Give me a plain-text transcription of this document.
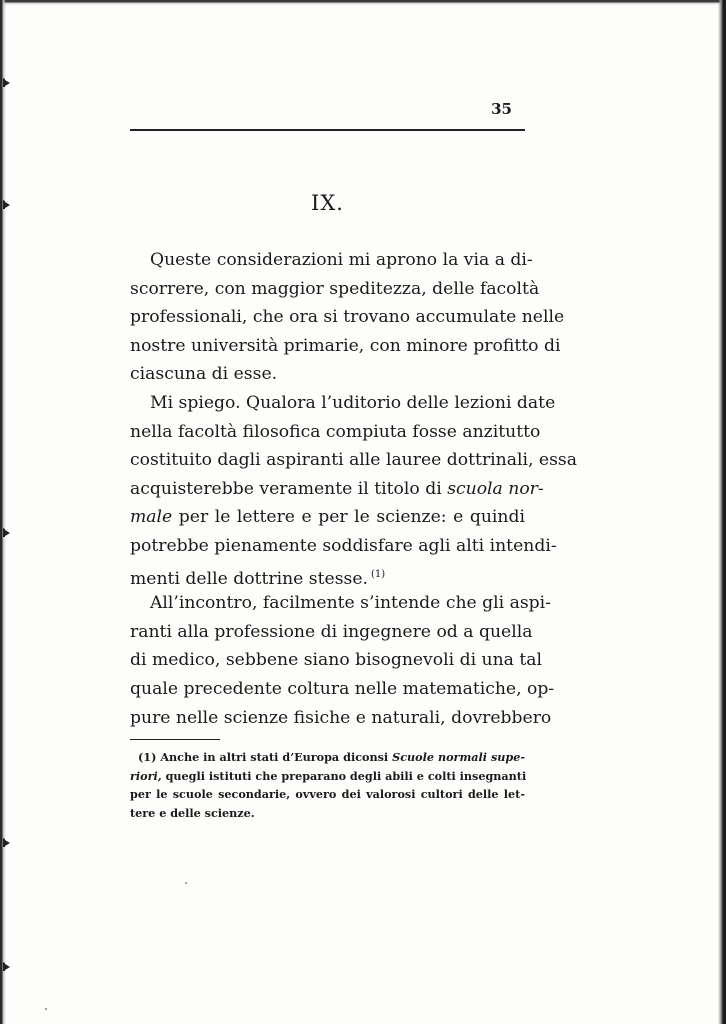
35
IX.
Queste considerazioni mi aprono la via a di-
scorrere, con maggior speditezza, delle facoltà
professionali, che ora si trovano accumulate nelle
nostre università primarie, con minore profitto di
ciascuna di esse.
Mi spiego. Qualora l’uditorio delle lezioni date
nella facoltà filosofica compiuta fosse anzitutto
costituito dagli aspiranti alle lauree dottrinali, essa
acquisterebbe veramente il titolo di scuola nor-
male per le lettere e per le scienze: e quindi
potrebbe pienamente soddisfare agli alti intendi-
menti delle dottrine stesse. $^{(1)}$
All’incontro, facilmente s’intende che gli aspi-
ranti alla professione di ingegnere od a quella
di medico, sebbene siano bisognevoli di una tal
quale precedente coltura nelle matematiche, op-
pure nelle scienze fisiche e naturali, dovrebbero
(1) Anche in altri stati d’Europa diconsi Scuole normali supe-
riori, quegli istituti che preparano degli abili e colti insegnanti
per le scuole secondarie, ovvero dei valorosi cultori delle let-
tere e delle scienze.
